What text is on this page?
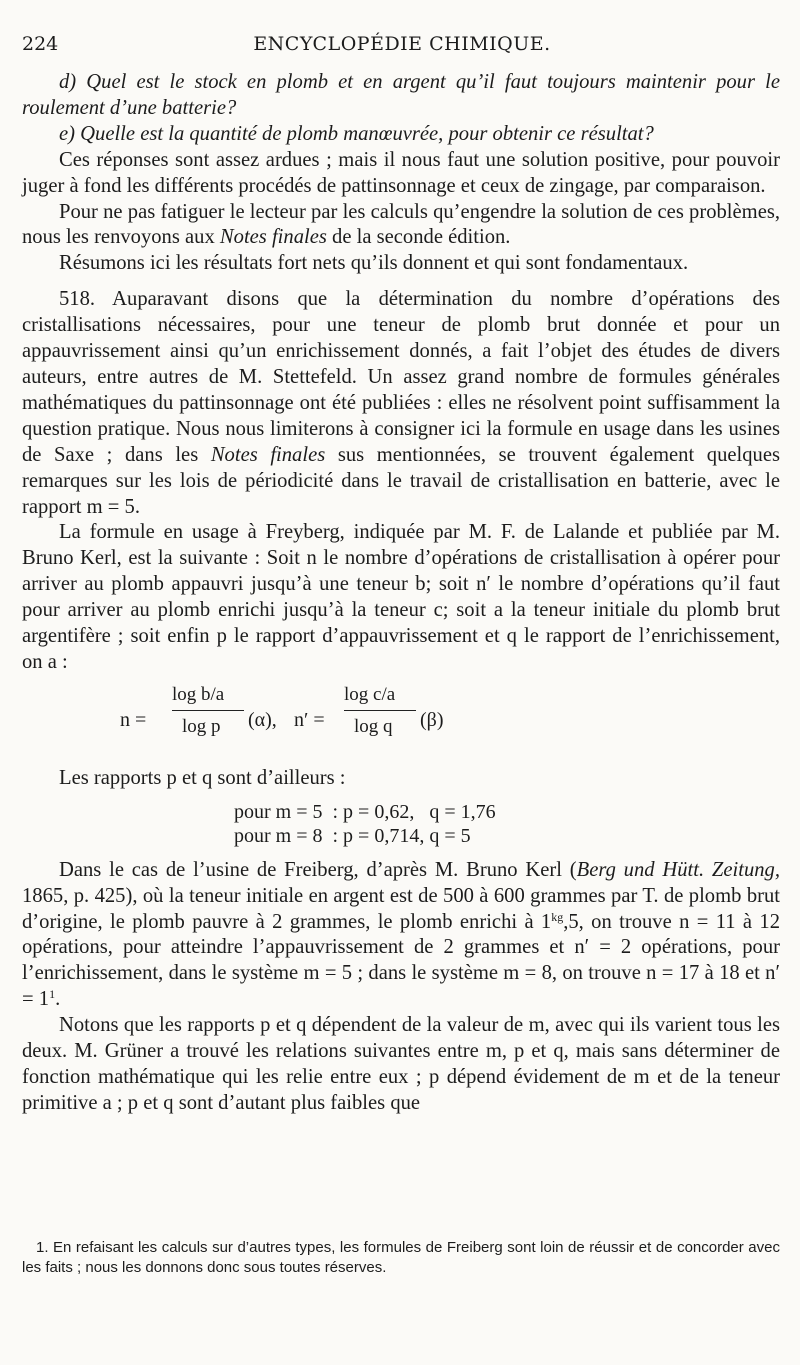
224	ENCYCLOPÉDIE CHIMIQUE.

d) Quel est le stock en plomb et en argent qu’il faut toujours maintenir pour le roulement d’une batterie?

e) Quelle est la quantité de plomb manœuvrée, pour obtenir ce résultat?

Ces réponses sont assez ardues ; mais il nous faut une solution positive, pour pouvoir juger à fond les différents procédés de pattinsonnage et ceux de zingage, par comparaison.

Pour ne pas fatiguer le lecteur par les calculs qu’engendre la solution de ces problèmes, nous les renvoyons aux Notes finales de la seconde édition.

Résumons ici les résultats fort nets qu’ils donnent et qui sont fondamentaux.

518. Auparavant disons que la détermination du nombre d’opérations des cristallisations nécessaires, pour une teneur de plomb brut donnée et pour un appauvrissement ainsi qu’un enrichissement donnés, a fait l’objet des études de divers auteurs, entre autres de M. Stettefeld. Un assez grand nombre de formules générales mathématiques du pattinsonnage ont été publiées : elles ne résolvent point suffisamment la question pratique. Nous nous limiterons à consigner ici la formule en usage dans les usines de Saxe ; dans les Notes finales sus mentionnées, se trouvent également quelques remarques sur les lois de périodicité dans le travail de cristallisation en batterie, avec le rapport m = 5.

La formule en usage à Freyberg, indiquée par M. F. de Lalande et publiée par M. Bruno Kerl, est la suivante : Soit n le nombre d’opérations de cristallisation à opérer pour arriver au plomb appauvri jusqu’à une teneur b; soit n′ le nombre d’opérations qu’il faut pour arriver au plomb enrichi jusqu’à la teneur c; soit a la teneur initiale du plomb brut argentifère ; soit enfin p le rapport d’appauvrissement et q le rapport de l’enrichissement, on a :

n =
log b/a
log p (α), n′ =
log c/a
log q (β)

Les rapports p et q sont d’ailleurs :

pour m = 5  : p = 0,62,   q = 1,76
pour m = 8  : p = 0,714, q = 5

Dans le cas de l’usine de Freiberg, d’après M. Bruno Kerl (Berg und Hütt. Zeitung, 1865, p. 425), où la teneur initiale en argent est de 500 à 600 grammes par T. de plomb brut d’origine, le plomb pauvre à 2 grammes, le plomb enrichi à $1^{kg},5$, on trouve n = 11 à 12 opérations, pour atteindre l’appauvrissement de 2 grammes et n′ = 2 opérations, pour l’enrichissement, dans le système m = 5 ; dans le système m = 8, on trouve n = 17 à 18 et $n' = 1^1$.

Notons que les rapports p et q dépendent de la valeur de m, avec qui ils varient tous les deux. M. Grüner a trouvé les relations suivantes entre m, p et q, mais sans déterminer de fonction mathématique qui les relie entre eux ; p dépend évidement de m et de la teneur primitive a ; p et q sont d’autant plus faibles que

1. En refaisant les calculs sur d’autres types, les formules de Freiberg sont loin de réussir et de concorder avec les faits ; nous les donnons donc sous toutes réserves.
